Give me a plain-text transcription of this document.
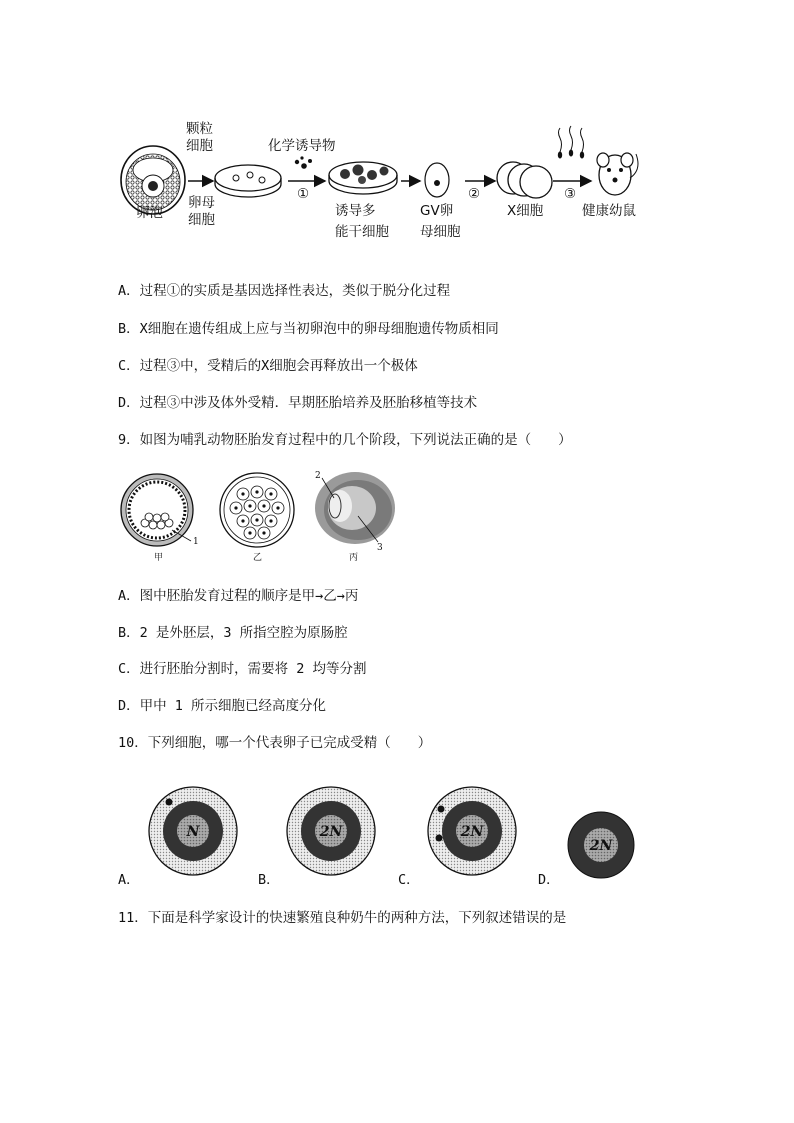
卵泡
颗粒
细胞
卵母
细胞
化学诱导物
①
诱导多
能干细胞
GV卵
母细胞
②
X细胞
③
健康幼鼠
A．过程①的实质是基因选择性表达，类似于脱分化过程
B．X细胞在遗传组成上应与当初卵泡中的卵母细胞遗传物质相同
C．过程③中，受精后的X细胞会再释放出一个极体
D．过程③中涉及体外受精．早期胚胎培养及胚胎移植等技术
9．如图为哺乳动物胚胎发育过程中的几个阶段，下列说法正确的是（　　）
1
甲	乙
2
3
丙
A．图中胚胎发育过程的顺序是甲→乙→丙
B．2 是外胚层，3 所指空腔为原肠腔
C．进行胚胎分割时，需要将 2 均等分割
D．甲中 1 所示细胞已经高度分化
10．下列细胞，哪一个代表卵子已完成受精（　　）
N	2N	2N
2N
A．	B．	C．	D．
11．下面是科学家设计的快速繁殖良种奶牛的两种方法，下列叙述错误的是
